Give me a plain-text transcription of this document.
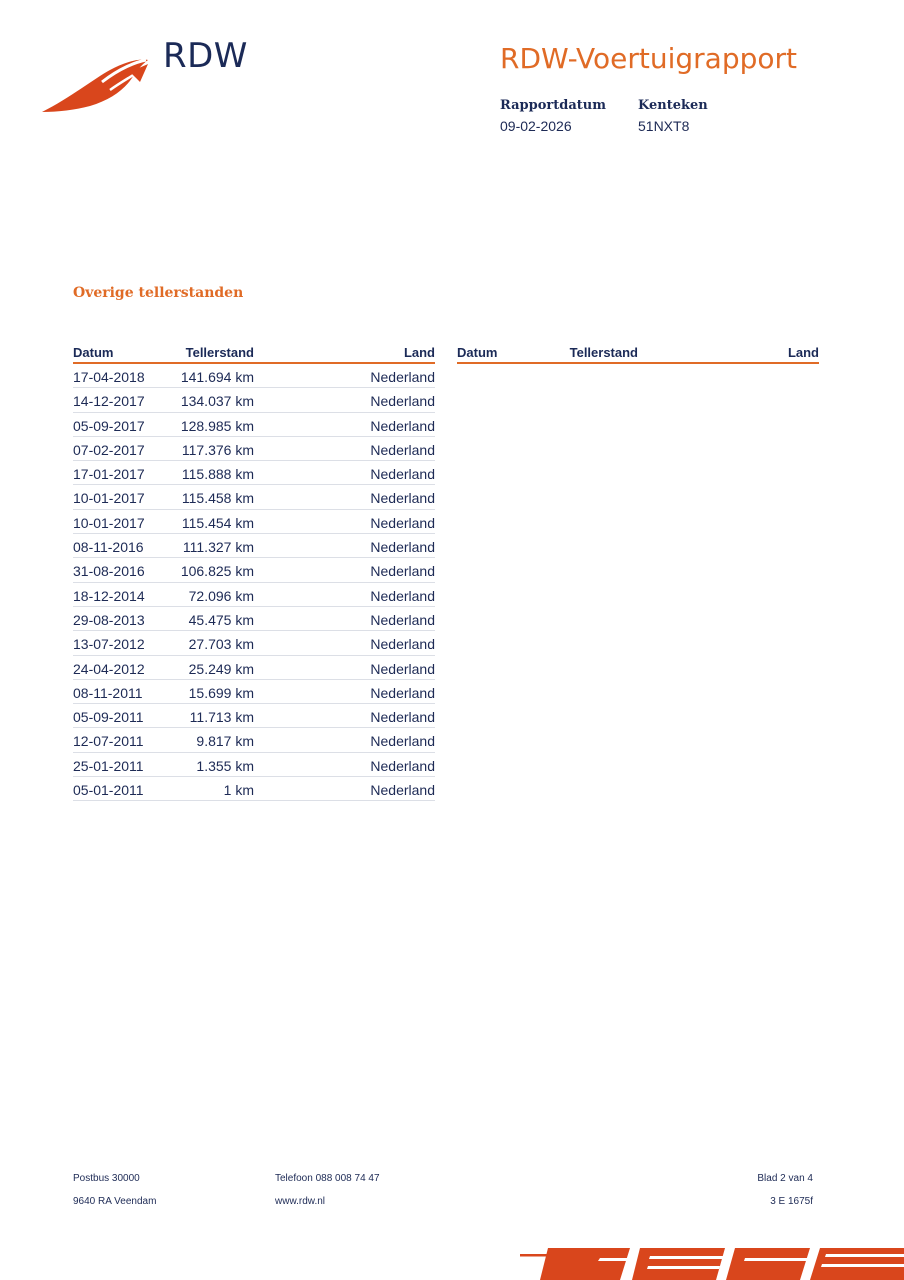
RDW	RDW-Voertuigrapport
Rapportdatum
09-02-2026
Kenteken
51NXT8
Overige tellerstanden
Datum	Tellerstand	Land
17-04-2018	141.694 km	Nederland
14-12-2017	134.037 km	Nederland
05-09-2017	128.985 km	Nederland
07-02-2017	117.376 km	Nederland
17-01-2017	115.888 km	Nederland
10-01-2017	115.458 km	Nederland
10-01-2017	115.454 km	Nederland
08-11-2016	111.327 km	Nederland
31-08-2016	106.825 km	Nederland
18-12-2014	72.096 km	Nederland
29-08-2013	45.475 km	Nederland
13-07-2012	27.703 km	Nederland
24-04-2012	25.249 km	Nederland
08-11-2011	15.699 km	Nederland
05-09-2011	11.713 km	Nederland
12-07-2011	9.817 km	Nederland
25-01-2011	1.355 km	Nederland
05-01-2011	1 km	Nederland
Datum	Tellerstand	Land
Postbus 30000
9640 RA Veendam
Telefoon 088 008 74 47
www.rdw.nl
Blad 2 van 4
3 E 1675f
